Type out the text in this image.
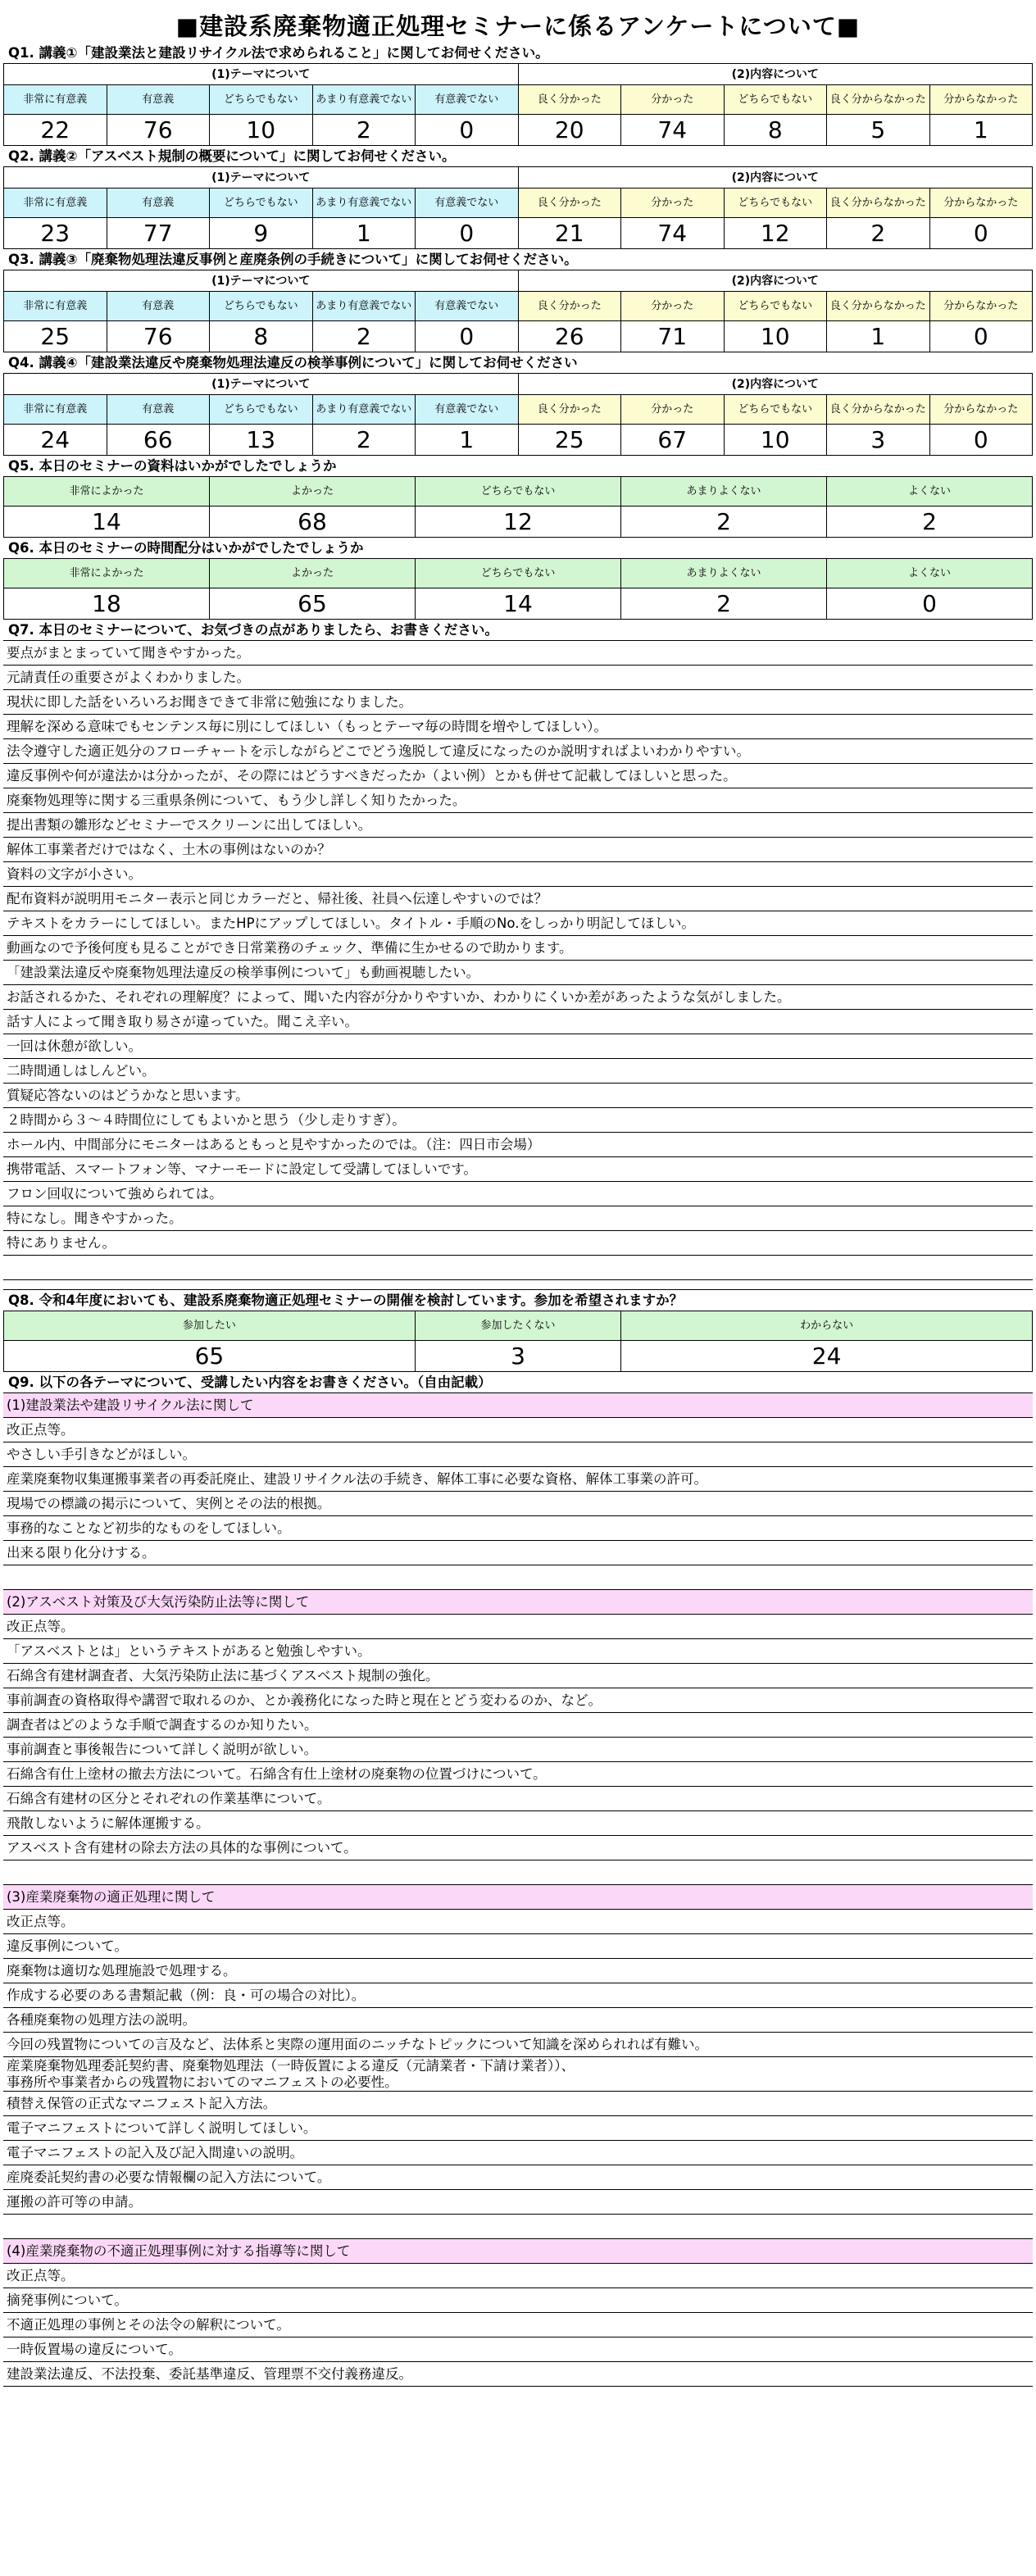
■建設系廃棄物適正処理セミナーに係るアンケートについて■
Q1. 講義①「建設業法と建設リサイクル法で求められること」に関してお伺せください。
(1)テーマについて	(2)内容について
非常に有意義	有意義	どちらでもない	あまり有意義でない	有意義でない	良く分かった	分かった	どちらでもない	良く分からなかった	分からなかった
22	76	10	2	0	20	74	8	5	1
Q2. 講義②「アスベスト規制の概要について」に関してお伺せください。
(1)テーマについて	(2)内容について
非常に有意義	有意義	どちらでもない	あまり有意義でない	有意義でない	良く分かった	分かった	どちらでもない	良く分からなかった	分からなかった
23	77	9	1	0	21	74	12	2	0
Q3. 講義③「廃棄物処理法違反事例と産廃条例の手続きについて」に関してお伺せください。
(1)テーマについて	(2)内容について
非常に有意義	有意義	どちらでもない	あまり有意義でない	有意義でない	良く分かった	分かった	どちらでもない	良く分からなかった	分からなかった
25	76	8	2	0	26	71	10	1	0
Q4. 講義④「建設業法違反や廃棄物処理法違反の検挙事例について」に関してお伺せください
(1)テーマについて	(2)内容について
非常に有意義	有意義	どちらでもない	あまり有意義でない	有意義でない	良く分かった	分かった	どちらでもない	良く分からなかった	分からなかった
24	66	13	2	1	25	67	10	3	0
Q5. 本日のセミナーの資料はいかがでしたでしょうか
非常によかった	よかった	どちらでもない	あまりよくない	よくない
14	68	12	2	2
Q6. 本日のセミナーの時間配分はいかがでしたでしょうか
非常によかった	よかった	どちらでもない	あまりよくない	よくない
18	65	14	2	0
Q7. 本日のセミナーについて、お気づきの点がありましたら、お書きください。
要点がまとまっていて聞きやすかった。
元請責任の重要さがよくわかりました。
現状に即した話をいろいろお聞きできて非常に勉強になりました。
理解を深める意味でもセンテンス毎に別にしてほしい（もっとテーマ毎の時間を増やしてほしい）。
法令遵守した適正処分のフローチャートを示しながらどこでどう逸脱して違反になったのか説明すればよいわかりやすい。
違反事例や何が違法かは分かったが、その際にはどうすべきだったか（よい例）とかも併せて記載してほしいと思った。
廃棄物処理等に関する三重県条例について、もう少し詳しく知りたかった。
提出書類の雛形などセミナーでスクリーンに出してほしい。
解体工事業者だけではなく、土木の事例はないのか？
資料の文字が小さい。
配布資料が説明用モニター表示と同じカラーだと、帰社後、社員へ伝達しやすいのでは？
テキストをカラーにしてほしい。またHPにアップしてほしい。タイトル・手順のNo.をしっかり明記してほしい。
動画なので予後何度も見ることができ日常業務のチェック、準備に生かせるので助かります。
「建設業法違反や廃棄物処理法違反の検挙事例について」も動画視聴したい。
お話されるかた、それぞれの理解度？によって、聞いた内容が分かりやすいか、わかりにくいか差があったような気がしました。
話す人によって聞き取り易さが違っていた。聞こえ辛い。
一回は休憩が欲しい。
二時間通しはしんどい。
質疑応答ないのはどうかなと思います。
２時間から３～４時間位にしてもよいかと思う（少し走りすぎ）。
ホール内、中間部分にモニターはあるともっと見やすかったのでは。（注：四日市会場）
携帯電話、スマートフォン等、マナーモードに設定して受講してほしいです。
フロン回収について強められては。
特になし。聞きやすかった。
特にありません。
Q8. 令和4年度においても、建設系廃棄物適正処理セミナーの開催を検討しています。参加を希望されますか？
参加したい	参加したくない	わからない
65	3	24
Q9. 以下の各テーマについて、受講したい内容をお書きください。（自由記載）
(1)建設業法や建設リサイクル法に関して
改正点等。
やさしい手引きなどがほしい。
産業廃棄物収集運搬事業者の再委託廃止、建設リサイクル法の手続き、解体工事に必要な資格、解体工事業の許可。
現場での標識の掲示について、実例とその法的根拠。
事務的なことなど初歩的なものをしてほしい。
出来る限り化分けする。
(2)アスベスト対策及び大気汚染防止法等に関して
改正点等。
「アスベストとは」というテキストがあると勉強しやすい。
石綿含有建材調査者、大気汚染防止法に基づくアスベスト規制の強化。
事前調査の資格取得や講習で取れるのか、とか義務化になった時と現在とどう変わるのか、など。
調査者はどのような手順で調査するのか知りたい。
事前調査と事後報告について詳しく説明が欲しい。
石綿含有仕上塗材の撤去方法について。石綿含有仕上塗材の廃棄物の位置づけについて。
石綿含有建材の区分とそれぞれの作業基準について。
飛散しないように解体運搬する。
アスベスト含有建材の除去方法の具体的な事例について。
(3)産業廃棄物の適正処理に関して
改正点等。
違反事例について。
廃棄物は適切な処理施設で処理する。
作成する必要のある書類記載（例：良・可の場合の対比）。
各種廃棄物の処理方法の説明。
今回の残置物についての言及など、法体系と実際の運用面のニッチなトピックについて知識を深められれば有難い。
産業廃棄物処理委託契約書、廃棄物処理法（一時仮置による違反（元請業者・下請け業者））、
事務所や事業者からの残置物においてのマニフェストの必要性。
積替え保管の正式なマニフェスト記入方法。
電子マニフェストについて詳しく説明してほしい。
電子マニフェストの記入及び記入間違いの説明。
産廃委託契約書の必要な情報欄の記入方法について。
運搬の許可等の申請。
(4)産業廃棄物の不適正処理事例に対する指導等に関して
改正点等。
摘発事例について。
不適正処理の事例とその法令の解釈について。
一時仮置場の違反について。
建設業法違反、不法投棄、委託基準違反、管理票不交付義務違反。
